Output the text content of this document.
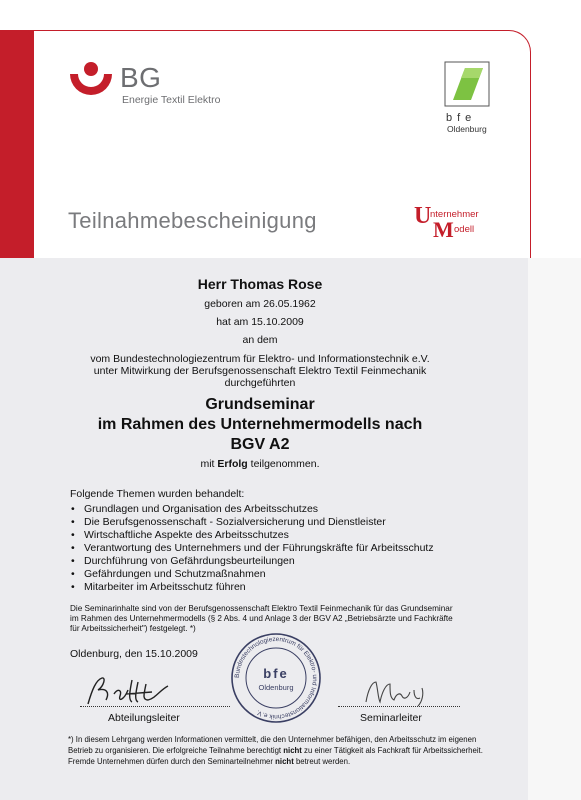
BG
Energie Textil Elektro
bfe
Oldenburg
Teilnahmebescheinigung	U
nternehmer
M odell
Herr Thomas Rose
geboren am 26.05.1962
hat am 15.10.2009
an dem
vom Bundestechnologiezentrum für Elektro- und Informationstechnik e.V.
unter Mitwirkung der Berufsgenossenschaft Elektro Textil Feinmechanik
durchgeführten
Grundseminar
im Rahmen des Unternehmermodells nach
BGV A2
mit Erfolg teilgenommen.
Folgende Themen wurden behandelt:
• Grundlagen und Organisation des Arbeitsschutzes
• Die Berufsgenossenschaft - Sozialversicherung und Dienstleister
• Wirtschaftliche Aspekte des Arbeitsschutzes
• Verantwortung des Unternehmers und der Führungskräfte für Arbeitsschutz
• Durchführung von Gefährdungsbeurteilungen
• Gefährdungen und Schutzmaßnahmen
• Mitarbeiter im Arbeitsschutz führen
Die Seminarinhalte sind von der Berufsgenossenschaft Elektro Textil Feinmechanik für das Grundseminar
im Rahmen des Unternehmermodells (§ 2 Abs. 4 und Anlage 3 der BGV A2 „Betriebsärzte und Fachkräfte
für Arbeitssicherheit") festgelegt. *)
Oldenburg, den 15.10.2009
Abteilungsleiter
Bundestechnologiezentrum für Elektro- und Informationstechnik e.V.
bfe
Oldenburg
Seminarleiter
*) In diesem Lehrgang werden Informationen vermittelt, die den Unternehmer befähigen, den Arbeitsschutz im eigenen
Betrieb zu organisieren. Die erfolgreiche Teilnahme berechtigt nicht zu einer Tätigkeit als Fachkraft für Arbeitssicherheit.
Fremde Unternehmen dürfen durch den Seminarteilnehmer nicht betreut werden.
